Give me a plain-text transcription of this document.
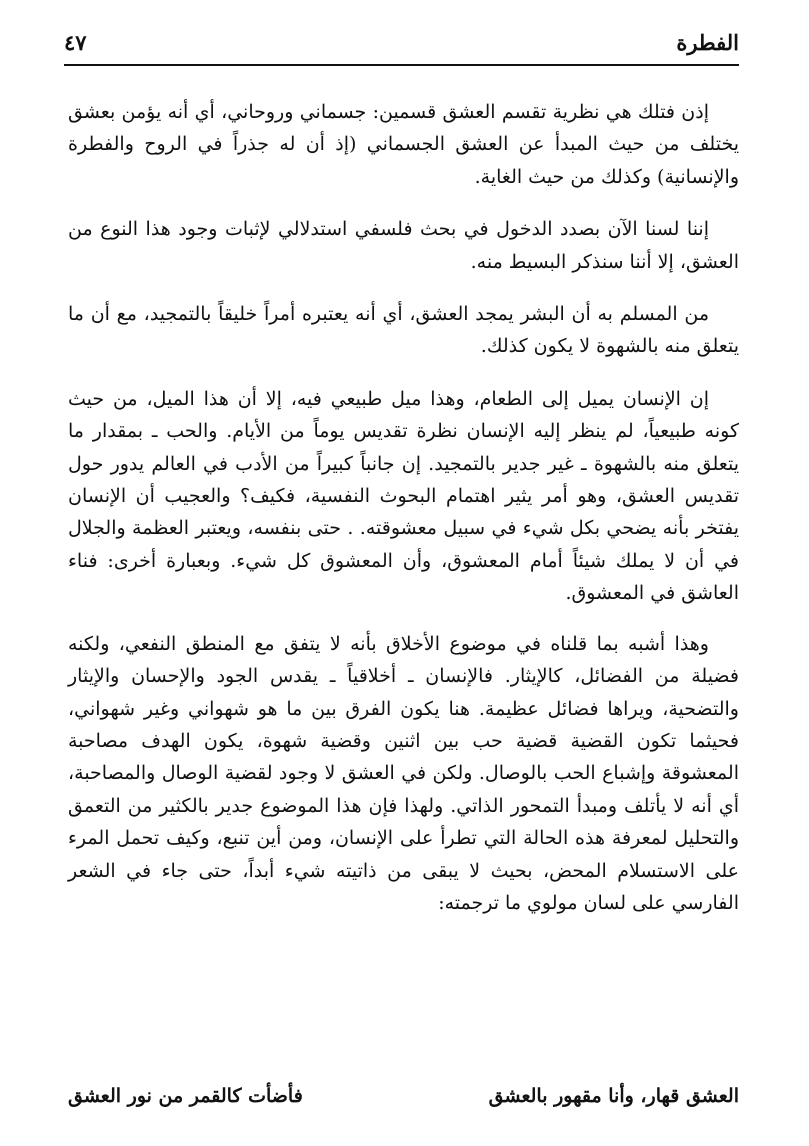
الفطرة
٤٧

إذن فتلك هي نظرية تقسم العشق قسمين: جسماني وروحاني، أي أنه يؤمن بعشق يختلف من حيث المبدأ عن العشق الجسماني (إذ أن له جذراً في الروح والفطرة والإنسانية) وكذلك من حيث الغاية.

إننا لسنا الآن بصدد الدخول في بحث فلسفي استدلالي لإثبات وجود هذا النوع من العشق، إلا أننا سنذكر البسيط منه.

من المسلم به أن البشر يمجد العشق، أي أنه يعتبره أمراً خليقاً بالتمجيد، مع أن ما يتعلق منه بالشهوة لا يكون كذلك.

إن الإنسان يميل إلى الطعام، وهذا ميل طبيعي فيه، إلا أن هذا الميل، من حيث كونه طبيعياً، لم ينظر إليه الإنسان نظرة تقديس يوماً من الأيام. والحب ـ بمقدار ما يتعلق منه بالشهوة ـ غير جدير بالتمجيد. إن جانباً كبيراً من الأدب في العالم يدور حول تقديس العشق، وهو أمر يثير اهتمام البحوث النفسية، فكيف؟ والعجيب أن الإنسان يفتخر بأنه يضحي بكل شيء في سبيل معشوقته. . حتى بنفسه، ويعتبر العظمة والجلال في أن لا يملك شيئاً أمام المعشوق، وأن المعشوق كل شيء. وبعبارة أخرى: فناء العاشق في المعشوق.

وهذا أشبه بما قلناه في موضوع الأخلاق بأنه لا يتفق مع المنطق النفعي، ولكنه فضيلة من الفضائل، كالإيثار. فالإنسان ـ أخلاقياً ـ يقدس الجود والإحسان والإيثار والتضحية، ويراها فضائل عظيمة. هنا يكون الفرق بين ما هو شهواني وغير شهواني، فحيثما تكون القضية قضية حب بين اثنين وقضية شهوة، يكون الهدف مصاحبة المعشوقة وإشباع الحب بالوصال. ولكن في العشق لا وجود لقضية الوصال والمصاحبة، أي أنه لا يأتلف ومبدأ التمحور الذاتي. ولهذا فإن هذا الموضوع جدير بالكثير من التعمق والتحليل لمعرفة هذه الحالة التي تطرأ على الإنسان، ومن أين تنبع، وكيف تحمل المرء على الاستسلام المحض، بحيث لا يبقى من ذاتيته شيء أبداً، حتى جاء في الشعر الفارسي على لسان مولوي ما ترجمته:

العشق قهار، وأنا مقهور بالعشق
فأضأت كالقمر من نور العشق
